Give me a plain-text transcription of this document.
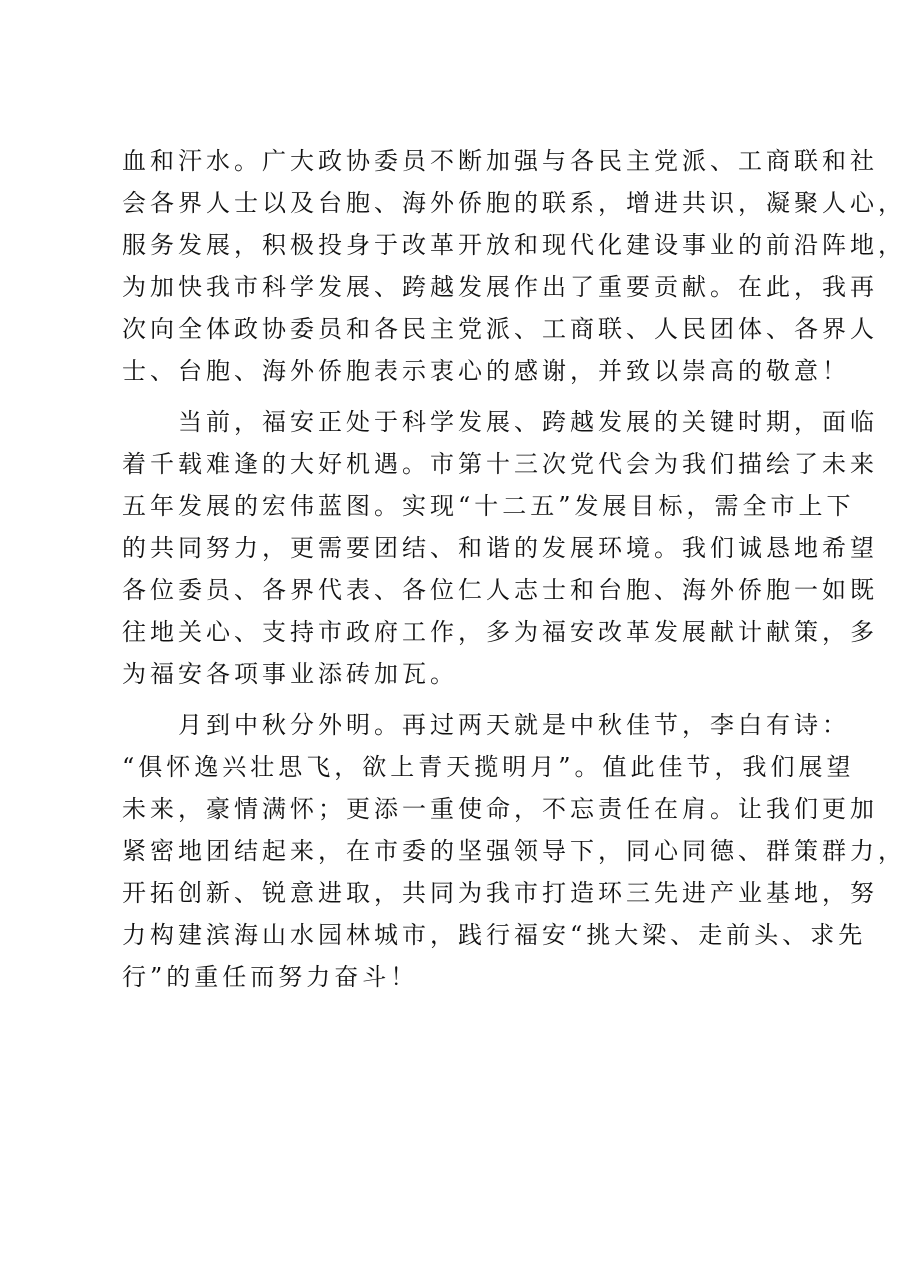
血和汗水。广大政协委员不断加强与各民主党派、工商联和社
会各界人士以及台胞、海外侨胞的联系，增进共识，凝聚人心，
服务发展，积极投身于改革开放和现代化建设事业的前沿阵地，
为加快我市科学发展、跨越发展作出了重要贡献。在此，我再
次向全体政协委员和各民主党派、工商联、人民团体、各界人
士、台胞、海外侨胞表示衷心的感谢，并致以崇高的敬意！
　　当前，福安正处于科学发展、跨越发展的关键时期，面临
着千载难逢的大好机遇。市第十三次党代会为我们描绘了未来
五年发展的宏伟蓝图。实现“十二五”发展目标，需全市上下
的共同努力，更需要团结、和谐的发展环境。我们诚恳地希望
各位委员、各界代表、各位仁人志士和台胞、海外侨胞一如既
往地关心、支持市政府工作，多为福安改革发展献计献策，多
为福安各项事业添砖加瓦。
　　月到中秋分外明。再过两天就是中秋佳节，李白有诗：
“俱怀逸兴壮思飞，欲上青天揽明月”。值此佳节，我们展望
未来，豪情满怀；更添一重使命，不忘责任在肩。让我们更加
紧密地团结起来，在市委的坚强领导下，同心同德、群策群力，
开拓创新、锐意进取，共同为我市打造环三先进产业基地，努
力构建滨海山水园林城市，践行福安“挑大梁、走前头、求先
行”的重任而努力奋斗！
